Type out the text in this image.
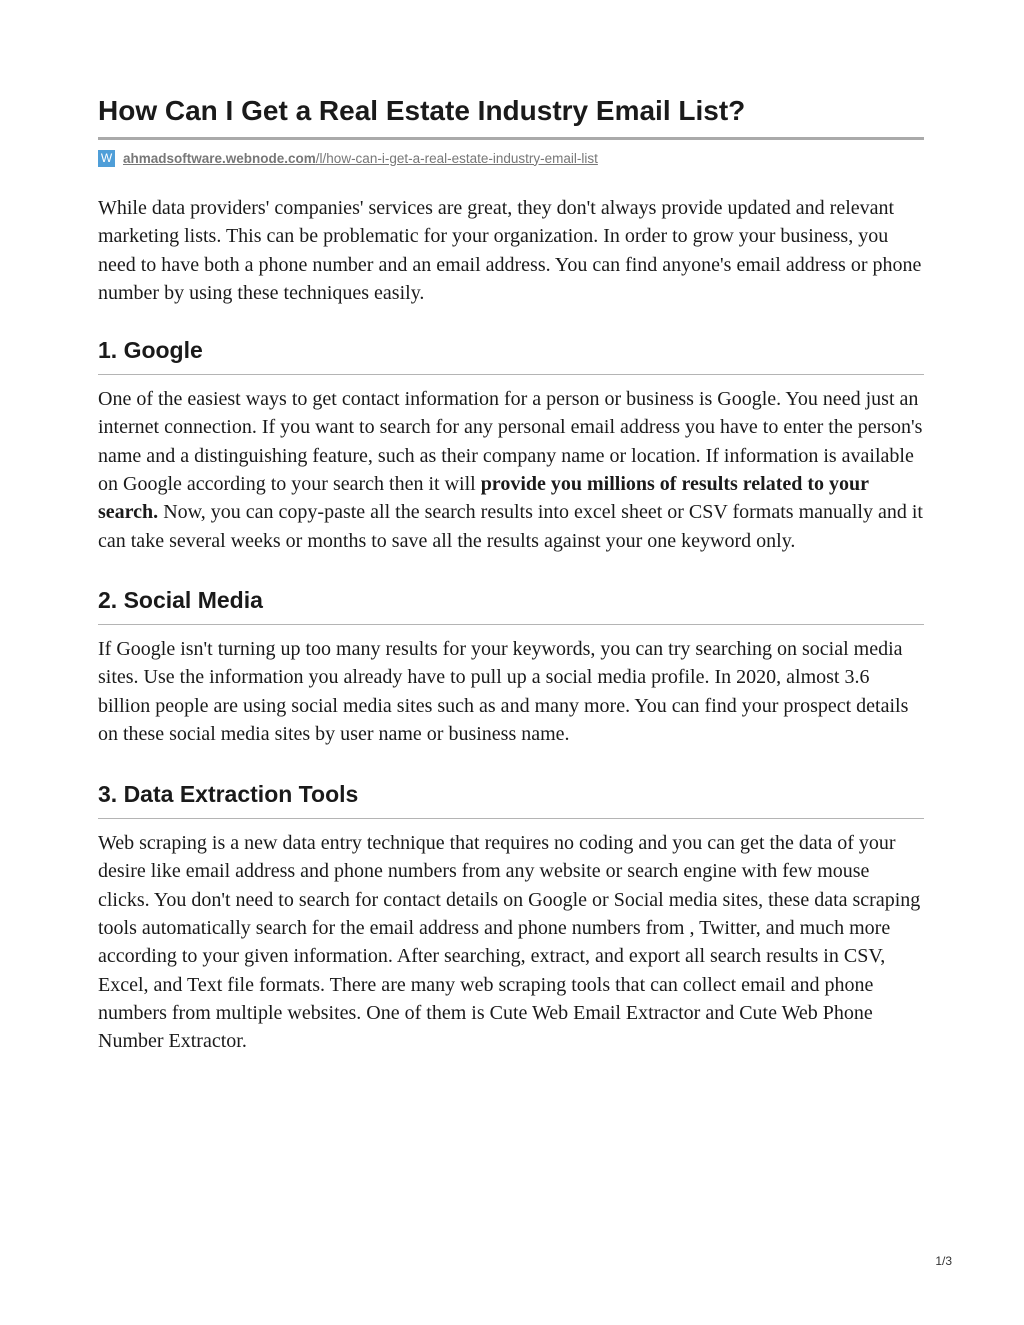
How Can I Get a Real Estate Industry Email List?
W ahmadsoftware.webnode.com/l/how-can-i-get-a-real-estate-industry-email-list

While data providers' companies' services are great, they don't always provide updated and relevant marketing lists. This can be problematic for your organization. In order to grow your business, you need to have both a phone number and an email address. You can find anyone's email address or phone number by using these techniques easily.

1. Google

One of the easiest ways to get contact information for a person or business is Google. You need just an internet connection. If you want to search for any personal email address you have to enter the person's name and a distinguishing feature, such as their company name or location. If information is available on Google according to your search then it will provide you millions of results related to your search. Now, you can copy-paste all the search results into excel sheet or CSV formats manually and it can take several weeks or months to save all the results against your one keyword only.

2. Social Media

If Google isn't turning up too many results for your keywords, you can try searching on social media sites. Use the information you already have to pull up a social media profile. In 2020, almost 3.6 billion people are using social media sites such as and many more. You can find your prospect details on these social media sites by user name or business name.

3. Data Extraction Tools

Web scraping is a new data entry technique that requires no coding and you can get the data of your desire like email address and phone numbers from any website or search engine with few mouse clicks. You don't need to search for contact details on Google or Social media sites, these data scraping tools automatically search for the email address and phone numbers from , Twitter, and much more according to your given information. After searching, extract, and export all search results in CSV, Excel, and Text file formats. There are many web scraping tools that can collect email and phone numbers from multiple websites. One of them is Cute Web Email Extractor and Cute Web Phone Number Extractor.

1/3
